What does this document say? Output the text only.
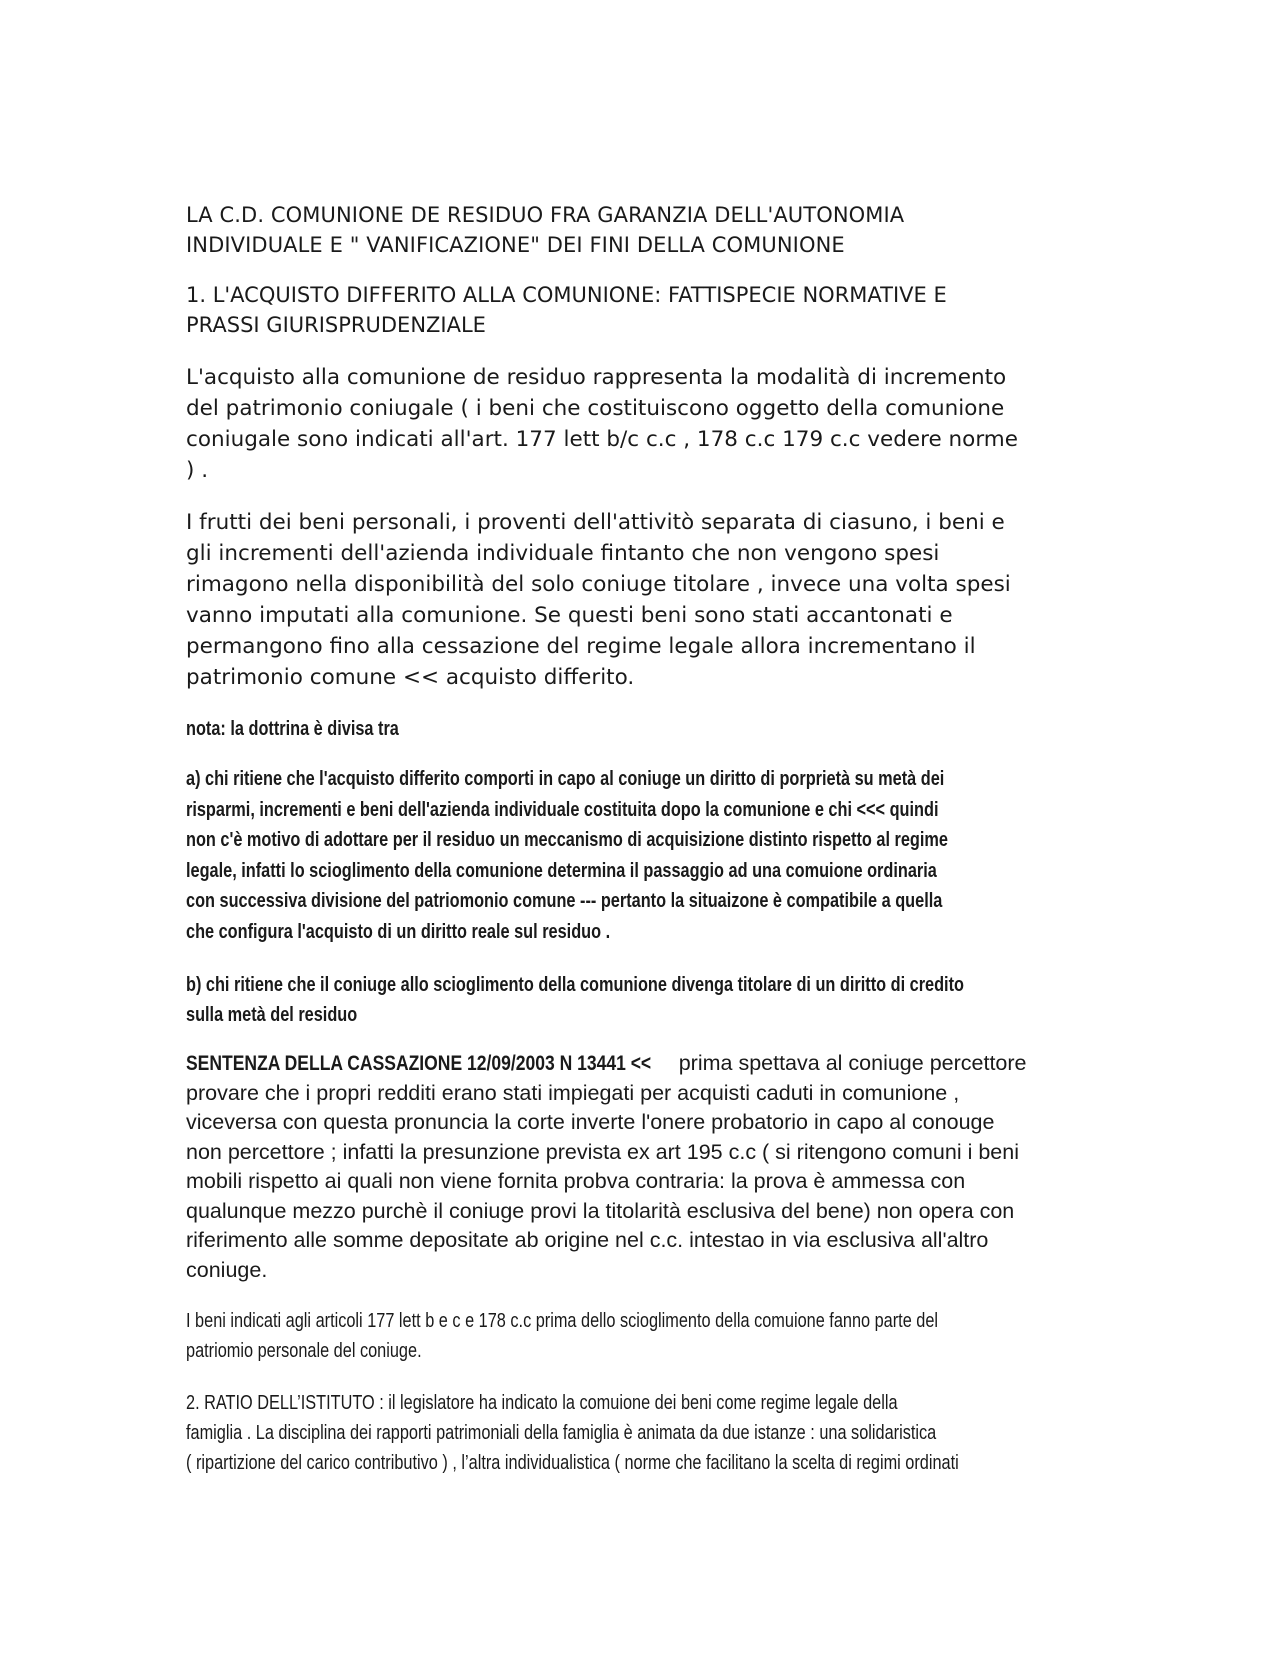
LA C.D. COMUNIONE DE RESIDUO FRA GARANZIA DELL'AUTONOMIA
INDIVIDUALE E " VANIFICAZIONE" DEI FINI DELLA COMUNIONE
1. L'ACQUISTO DIFFERITO ALLA COMUNIONE: FATTISPECIE NORMATIVE E
PRASSI GIURISPRUDENZIALE
L'acquisto alla comunione de residuo rappresenta la modalità di incremento
del patrimonio coniugale ( i beni che costituiscono oggetto della comunione
coniugale sono indicati all'art. 177 lett b/c c.c , 178 c.c 179 c.c vedere norme
) .
I frutti dei beni personali, i proventi dell'attivitò separata di ciasuno, i beni e
gli incrementi dell'azienda individuale fintanto che non vengono spesi
rimagono nella disponibilità del solo coniuge titolare , invece una volta spesi
vanno imputati alla comunione. Se questi beni sono stati accantonati e
permangono fino alla cessazione del regime legale allora incrementano il
patrimonio comune << acquisto differito.
nota: la dottrina è divisa tra
a) chi ritiene che l'acquisto differito comporti in capo al coniuge un diritto di porprietà su metà dei
risparmi, incrementi e beni dell'azienda individuale costituita dopo la comunione e chi <<< quindi
non c'è motivo di adottare per il residuo un meccanismo di acquisizione distinto rispetto al regime
legale, infatti lo scioglimento della comunione determina il passaggio ad una comuione ordinaria
con successiva divisione del patriomonio comune --- pertanto la situaizone è compatibile a quella
che configura l'acquisto di un diritto reale sul residuo .
b) chi ritiene che il coniuge allo scioglimento della comunione divenga titolare di un diritto di credito
sulla metà del residuo
SENTENZA DELLA CASSAZIONE 12/09/2003 N 13441 <<  prima spettava al coniuge percettore
provare che i propri redditi erano stati impiegati per acquisti caduti in comunione ,
viceversa con questa pronuncia la corte inverte l'onere probatorio in capo al conouge
non percettore ; infatti la presunzione prevista ex art 195 c.c ( si ritengono comuni i beni
mobili rispetto ai quali non viene fornita probva contraria: la prova è ammessa con
qualunque mezzo purchè il coniuge provi la titolarità esclusiva del bene) non opera con
riferimento alle somme depositate ab origine nel c.c. intestao in via esclusiva all'altro
coniuge.
I beni indicati agli articoli 177 lett b e c e 178 c.c prima dello scioglimento della comuione fanno parte del
patriomio personale del coniuge.
2. RATIO DELL’ISTITUTO : il legislatore ha indicato la comuione dei beni come regime legale della
famiglia . La disciplina dei rapporti patrimoniali della famiglia è animata da due istanze : una solidaristica
( ripartizione del carico contributivo ) , l’altra individualistica ( norme che facilitano la scelta di regimi ordinati
